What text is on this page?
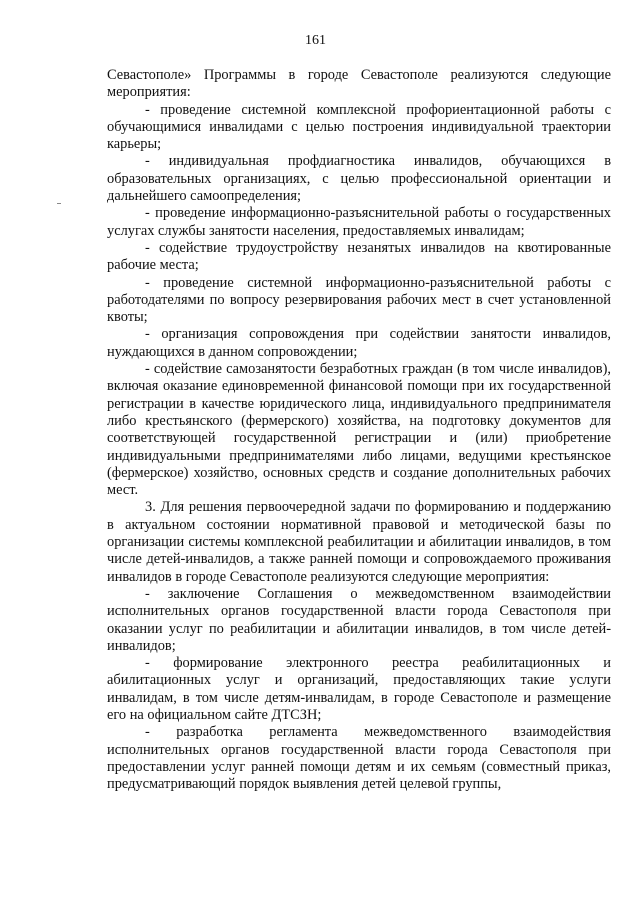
161

Севастополе» Программы в городе Севастополе реализуются следующие мероприятия:

- проведение системной комплексной профориентационной работы с обучающимися инвалидами с целью построения индивидуальной траектории карьеры;

- индивидуальная профдиагностика инвалидов, обучающихся в образовательных организациях, с целью профессиональной ориентации и дальнейшего самоопределения;

- проведение информационно-разъяснительной работы о государственных услугах службы занятости населения, предоставляемых инвалидам;

- содействие трудоустройству незанятых инвалидов на квотированные рабочие места;

- проведение системной информационно-разъяснительной работы с работодателями по вопросу резервирования рабочих мест в счет установленной квоты;

- организация сопровождения при содействии занятости инвалидов, нуждающихся в данном сопровождении;

- содействие самозанятости безработных граждан (в том числе инвалидов), включая оказание единовременной финансовой помощи при их государственной регистрации в качестве юридического лица, индивидуального предпринимателя либо крестьянского (фермерского) хозяйства, на подготовку документов для соответствующей государственной регистрации и (или) приобретение индивидуальными предпринимателями либо лицами, ведущими крестьянское (фермерское) хозяйство, основных средств и создание дополнительных рабочих мест.

3. Для решения первоочередной задачи по формированию и поддержанию в актуальном состоянии нормативной правовой и методической базы по организации системы комплексной реабилитации и абилитации инвалидов, в том числе детей-инвалидов, а также ранней помощи и сопровождаемого проживания инвалидов в городе Севастополе реализуются следующие мероприятия:

- заключение Соглашения о межведомственном взаимодействии исполнительных органов государственной власти города Севастополя при оказании услуг по реабилитации и абилитации инвалидов, в том числе детей-инвалидов;

- формирование электронного реестра реабилитационных и абилитационных услуг и организаций, предоставляющих такие услуги инвалидам, в том числе детям-инвалидам, в городе Севастополе и размещение его на официальном сайте ДТСЗН;

- разработка регламента межведомственного взаимодействия исполнительных органов государственной власти города Севастополя при предоставлении услуг ранней помощи детям и их семьям (совместный приказ, предусматривающий порядок выявления детей целевой группы,
